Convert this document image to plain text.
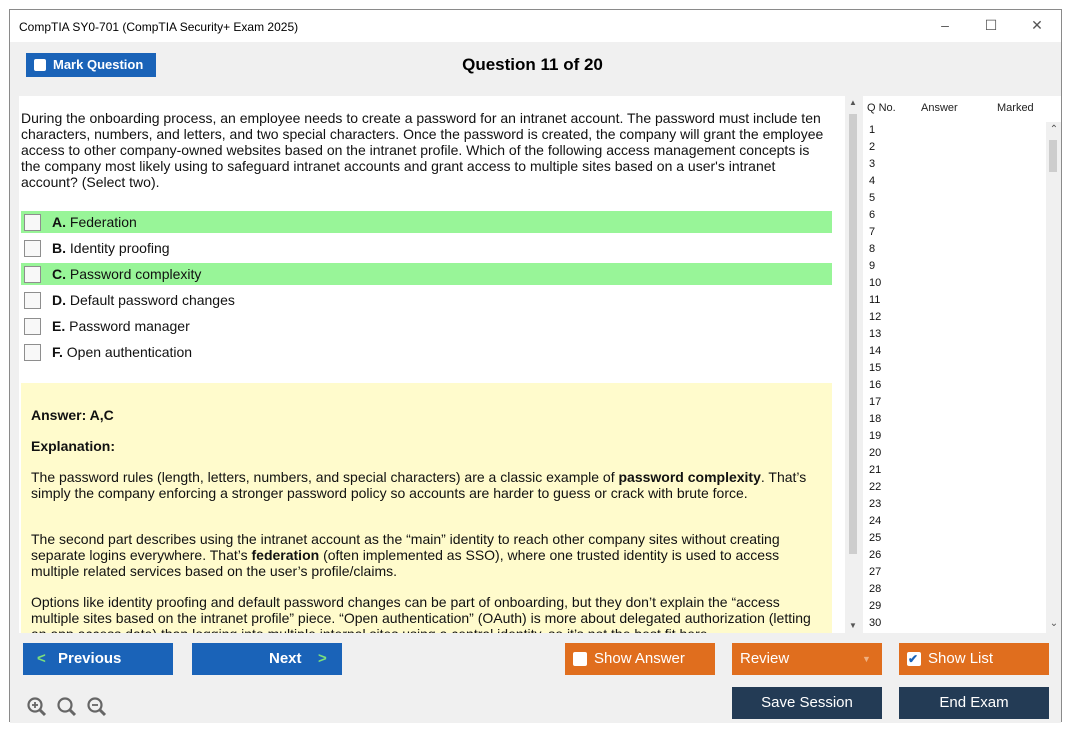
CompTIA SY0-701 (CompTIA Security+ Exam 2025)	–	☐	✕
Mark Question	Question 11 of 20
During the onboarding process, an employee needs to create a password for an intranet account. The password must include ten characters, numbers, and letters, and two special characters. Once the password is created, the company will grant the employee access to other company-owned websites based on the intranet profile. Which of the following access management concepts is the company most likely using to safeguard intranet accounts and grant access to multiple sites based on a user's intranet account? (Select two).
A. Federation
B. Identity proofing
C. Password complexity
D. Default password changes
E. Password manager
F. Open authentication
Answer: A,C
Explanation:
The password rules (length, letters, numbers, and special characters) are a classic example of password complexity. That’s simply the company enforcing a stronger password policy so accounts are harder to guess or crack with brute force.
The second part describes using the intranet account as the “main” identity to reach other company sites without creating separate logins everywhere. That’s federation (often implemented as SSO), where one trusted identity is used to access multiple related services based on the user’s profile/claims.
Options like identity proofing and default password changes can be part of onboarding, but they don’t explain the “access multiple sites based on the intranet profile” piece. “Open authentication” (OAuth) is more about delegated authorization (letting
▲
▼
Q No. Answer	Marked
1
2
3
4
5
6
7
8
9
10
11
12
13
14
15
16
17
18
19
20
21
22
23
24
25
26
27
28
29
30
⌃
⌄
< Previous	Next >	Show Answer	Review	▼	✔ Show List
Save Session	End Exam
